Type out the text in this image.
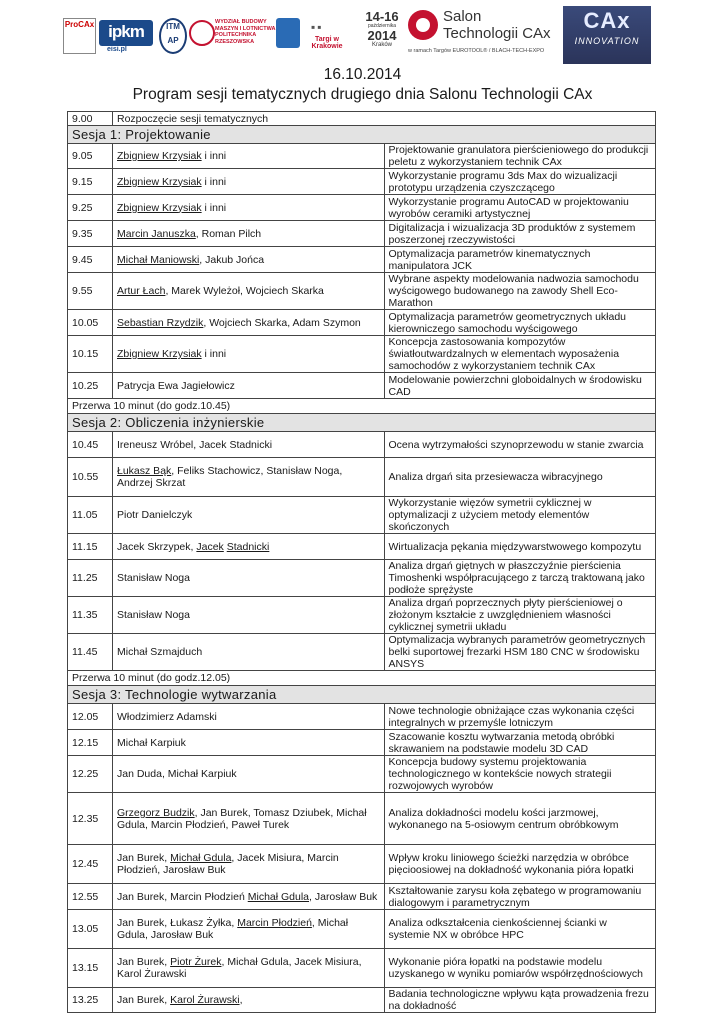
ProCAx ipkm
eisi.pl
ITM AP
WYDZIAŁ BUDOWY MASZYN I LOTNICTWA POLITECHNIKA RZESZOWSKA
▪▪
Targi w Krakowie
14-16
października
2014
Kraków
Salon
Technologii CAx
w ramach Targów EUROTOOL® / BLACH-TECH-EXPO
CAx
INNOVATION
16.10.2014
Program sesji tematycznych drugiego dnia Salonu Technologii CAx
9.00	Rozpoczęcie sesji tematycznych	
Sesja 1: Projektowanie		
9.05	Zbigniew Krzysiak i inni	Projektowanie granulatora pierścieniowego do produkcji peletu z wykorzystaniem technik CAx
9.15	Zbigniew Krzysiak i inni	Wykorzystanie programu 3ds Max do wizualizacji prototypu urządzenia czyszczącego
9.25	Zbigniew Krzysiak i inni	Wykorzystanie programu AutoCAD w projektowaniu wyrobów ceramiki artystycznej
9.35	Marcin Januszka, Roman Pilch	Digitalizacja i wizualizacja 3D produktów z systemem poszerzonej rzeczywistości
9.45	Michał Maniowski, Jakub Jońca	Optymalizacja parametrów kinematycznych manipulatora JCK
9.55	Artur Łach, Marek Wyleżoł, Wojciech Skarka	Wybrane aspekty modelowania nadwozia samochodu wyścigowego budowanego na zawody Shell Eco-Marathon
10.05	Sebastian Rzydzik, Wojciech Skarka, Adam Szymon	Optymalizacja parametrów geometrycznych układu kierowniczego samochodu wyścigowego
10.15	Zbigniew Krzysiak i inni	Koncepcja zastosowania kompozytów światłoutwardzalnych w elementach wyposażenia samochodów z wykorzystaniem technik CAx
10.25	Patrycja Ewa Jagiełowicz	Modelowanie powierzchni globoidalnych w środowisku CAD
Przerwa 10 minut (do godz.10.45)		
Sesja 2: Obliczenia inżynierskie		
10.45	Ireneusz Wróbel, Jacek Stadnicki	Ocena wytrzymałości szynoprzewodu w stanie zwarcia
10.55	Łukasz Bąk, Feliks Stachowicz, Stanisław Noga, Andrzej Skrzat	Analiza drgań sita przesiewacza wibracyjnego
11.05	Piotr Danielczyk	Wykorzystanie więzów symetrii cyklicznej w optymalizacji z użyciem metody elementów skończonych
11.15	Jacek Skrzypek, Jacek Stadnicki	Wirtualizacja pękania międzywarstwowego kompozytu
11.25	Stanisław Noga	Analiza drgań giętnych w płaszczyźnie pierścienia Timoshenki współpracującego z tarczą traktowaną jako podłoże sprężyste
11.35	Stanisław Noga	Analiza drgań poprzecznych płyty pierścieniowej o złożonym kształcie z uwzględnieniem własności cyklicznej symetrii układu
11.45	Michał Szmajduch	Optymalizacja wybranych parametrów geometrycznych belki suportowej frezarki HSM 180 CNC w środowisku ANSYS
Przerwa 10 minut (do godz.12.05)		
Sesja 3: Technologie wytwarzania		
12.05	Włodzimierz Adamski	Nowe technologie obniżające czas wykonania części integralnych w przemyśle lotniczym
12.15	Michał Karpiuk	Szacowanie kosztu wytwarzania metodą obróbki skrawaniem na podstawie modelu 3D CAD
12.25	Jan Duda, Michał Karpiuk	Koncepcja budowy systemu projektowania technologicznego w kontekście nowych strategii rozwojowych wyrobów
12.35	Grzegorz Budzik, Jan Burek, Tomasz Dziubek, Michał Gdula, Marcin Płodzień, Paweł Turek	Analiza dokładności modelu kości jarzmowej, wykonanego na 5-osiowym centrum obróbkowym
12.45	Jan Burek, Michał Gdula, Jacek Misiura, Marcin Płodzień, Jarosław Buk	Wpływ kroku liniowego ścieżki narzędzia w obróbce pięcioosiowej na dokładność wykonania pióra łopatki
12.55	Jan Burek, Marcin Płodzień Michał Gdula, Jarosław Buk	Kształtowanie zarysu koła zębatego w programowaniu dialogowym i parametrycznym
13.05	Jan Burek, Łukasz Żyłka, Marcin Płodzień, Michał Gdula, Jarosław Buk	Analiza odkształcenia cienkościennej ścianki w systemie NX w obróbce HPC
13.15	Jan Burek, Piotr Żurek, Michał Gdula, Jacek Misiura, Karol Żurawski	Wykonanie pióra łopatki na podstawie modelu uzyskanego w wyniku pomiarów współrzędnościowych
13.25	Jan Burek, Karol Żurawski,	Badania technologiczne wpływu kąta prowadzenia frezu na dokładność
